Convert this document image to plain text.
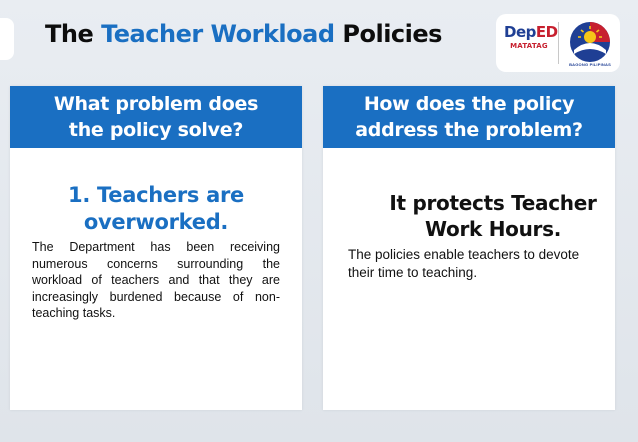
The Teacher Workload Policies	DepED
MATATAG
BAGONG PILIPINAS
What problem does
the policy solve?
1. Teachers are
overworked.

The Department has been receiving numerous concerns surrounding the workload of teachers and that they are increasingly burdened because of non-teaching tasks.

How does the policy
address the problem?
It protects Teacher
Work Hours.

The policies enable teachers to devote their time to teaching.
